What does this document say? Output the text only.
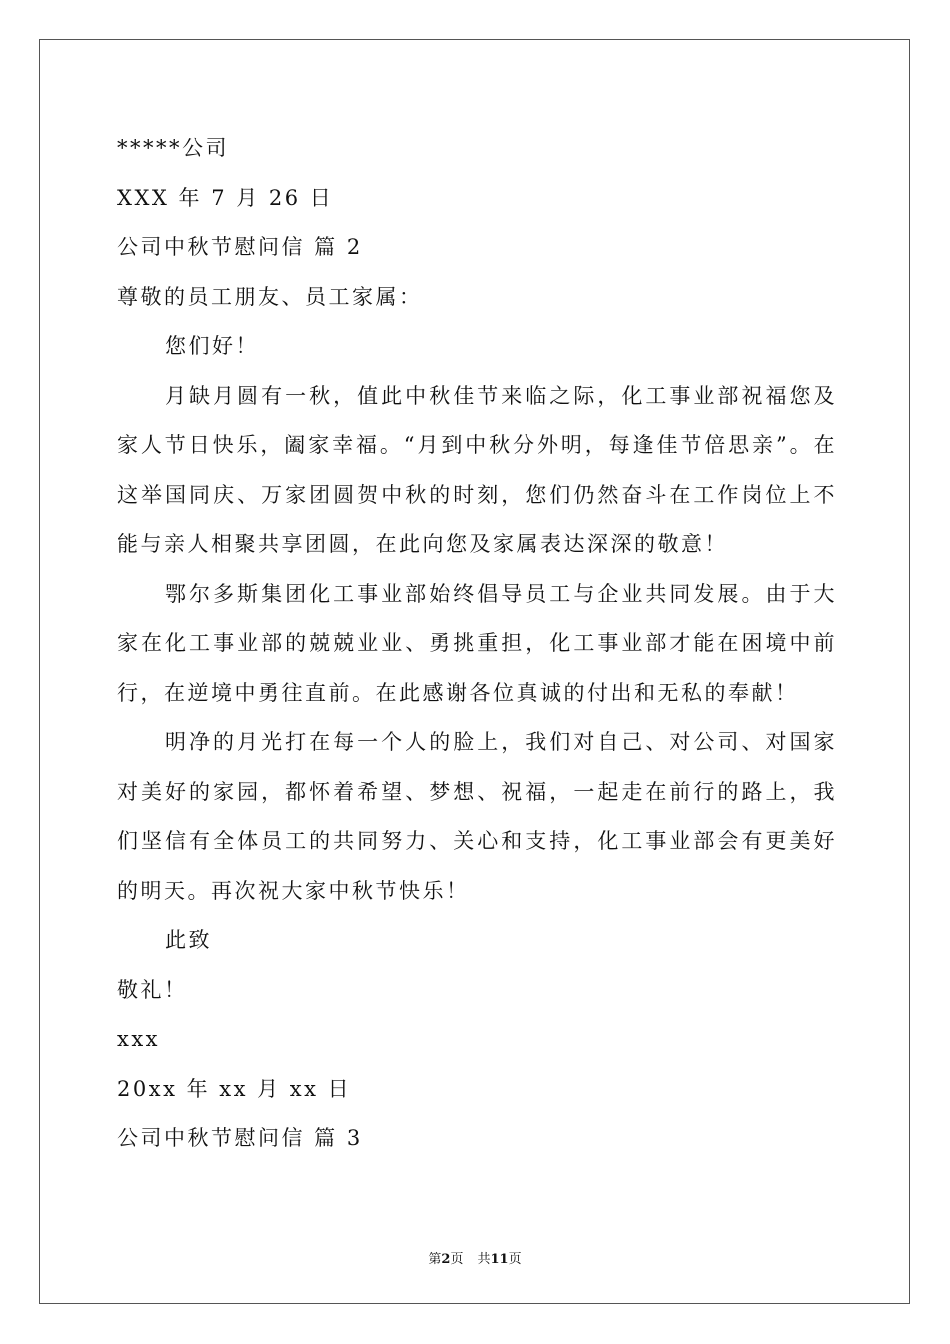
*****公司
XXX 年 7 月 26 日
公司中秋节慰问信 篇 2
尊敬的员工朋友、员工家属：
您们好！
月缺月圆有一秋，值此中秋佳节来临之际，化工事业部祝福您及家人节日快乐，阖家幸福。“月到中秋分外明，每逢佳节倍思亲”。在这举国同庆、万家团圆贺中秋的时刻，您们仍然奋斗在工作岗位上不能与亲人相聚共享团圆，在此向您及家属表达深深的敬意！
鄂尔多斯集团化工事业部始终倡导员工与企业共同发展。由于大家在化工事业部的兢兢业业、勇挑重担，化工事业部才能在困境中前行，在逆境中勇往直前。在此感谢各位真诚的付出和无私的奉献！
明净的月光打在每一个人的脸上，我们对自己、对公司、对国家对美好的家园，都怀着希望、梦想、祝福，一起走在前行的路上，我们坚信有全体员工的共同努力、关心和支持，化工事业部会有更美好的明天。再次祝大家中秋节快乐！
此致
敬礼！
xxx
20xx 年 xx 月 xx 日
公司中秋节慰问信 篇 3
第2页 共11页
